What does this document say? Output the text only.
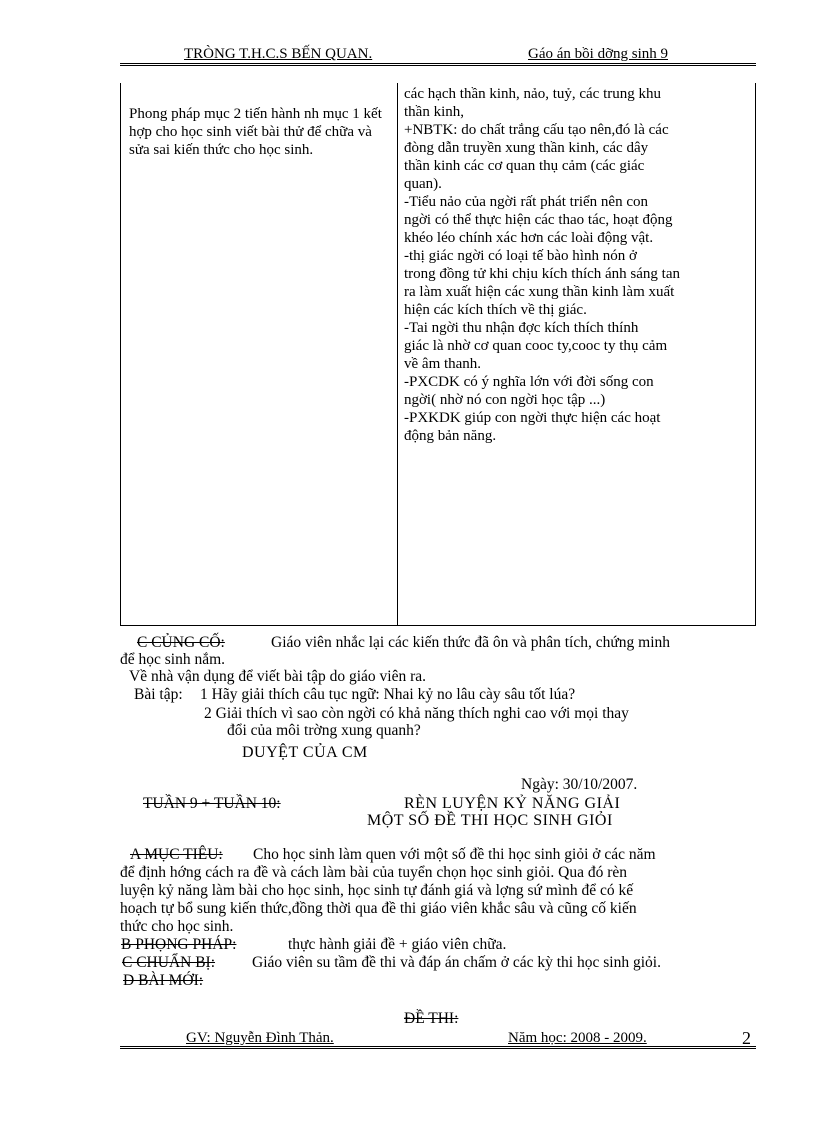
TRÒNG T.H.C.S BẾN QUAN.	Gáo án bồi dỡng sinh 9
Phong pháp mục 2 tiến hành nh mục 1 kết hợp cho học sinh viết bài thử để chữa và sửa sai kiến thức cho học sinh.
các hạch thần kinh, nảo, tuỷ, các trung khu
thần kinh,
+NBTK: do chất trắng cấu tạo nên,đó là các
đòng dẫn truyền xung thần kinh, các dây
thần kinh các cơ quan thụ cảm (các giác
quan).
-Tiểu nảo của ngời rất phát triển nên con
ngời có thể thực hiện các thao tác, hoạt động
khéo léo chính xác hơn các loài động vật.
-thị giác ngời có loại tế bào hình nón ở
trong đồng tử khi chịu kích thích ánh sáng tan
ra làm xuất hiện các xung thần kinh làm xuất
hiện các kích thích về thị giác.
-Tai ngời thu nhận đợc kích thích thính
giác là nhờ cơ quan cooc ty,cooc ty thụ cảm
về âm thanh.
-PXCDK có ý nghĩa lớn với đời sống con
ngời( nhờ nó con ngời học tập ...)
-PXKDK giúp con ngời thực hiện các hoạt
động bản năng.
C CỦNG CỐ:	Giáo viên nhắc lại các kiến thức đã ôn và phân tích, chứng minh
để học sinh nắm.
Về nhà vận dụng để viết bài tập do giáo viên ra.
Bài tập: 1 Hãy giải thích câu tục ngữ: Nhai kỷ no lâu cày sâu tốt lúa?
2 Giải thích vì sao còn ngời có khả năng thích nghi cao với mọi thay
đổi của môi trờng xung quanh?
DUYỆT CỦA CM
Ngày: 30/10/2007.
TUẦN 9 + TUẦN 10:	RÈN LUYỆN KỶ NĂNG GIẢI
MỘT SỐ ĐỀ THI HỌC SINH GIỎI
A MỤC TIÊU: Cho học sinh làm quen với một số đề thi học sinh giỏi ở các năm
để định hớng cách ra đề và cách làm bài của tuyển chọn học sinh giỏi. Qua đó rèn
luyện kỷ năng làm bài cho học sinh, học sinh tự đánh giá và lợng sứ mình để có kế
hoạch tự bổ sung kiến thức,đồng thời qua đề thi giáo viên khắc sâu và cũng cố kiến
thức cho học sinh.
B PHỌNG PHÁP:	thực hành giải đề + giáo viên chữa.
C CHUẨN BỊ: Giáo viên su tầm đề thi và đáp án chấm ở các kỳ thi học sinh giỏi.
D BÀI MỚI:
ĐỀ THI:
GV: Nguyễn Đình Thản.	Năm học: 2008 - 2009.	2
